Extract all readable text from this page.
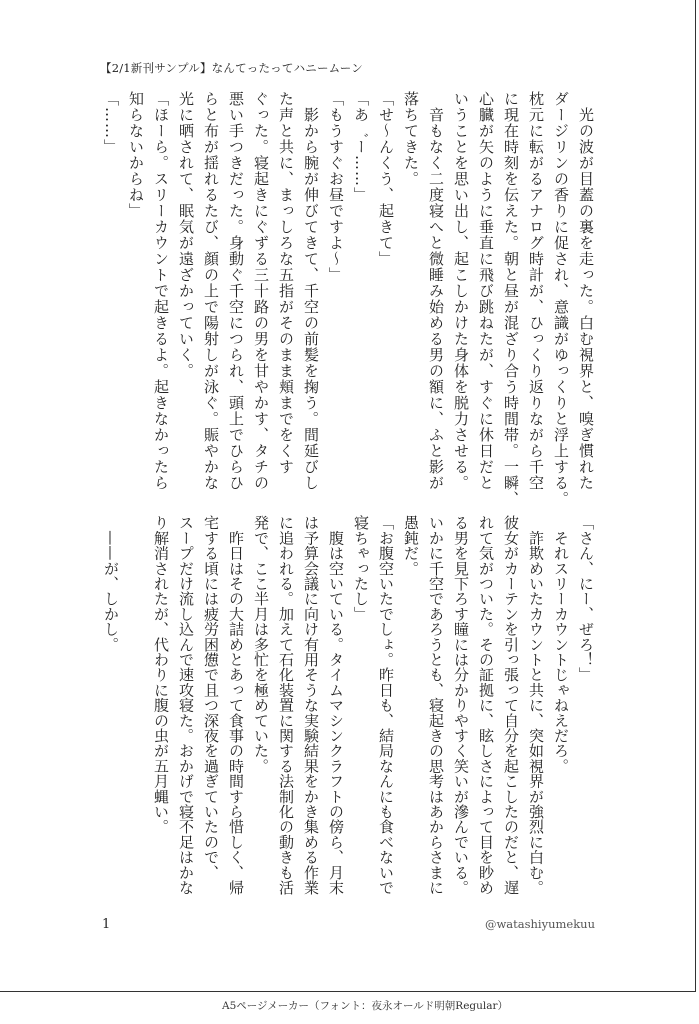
【2/1新刊サンプル】なんてったってハニームーン
　光の波が目蓋の裏を走った。白む視界と、嗅ぎ慣れた
ダージリンの香りに促され、意識がゆっくりと浮上する。
枕元に転がるアナログ時計が、ひっくり返りながら千空
に現在時刻を伝えた。朝と昼が混ざり合う時間帯。一瞬、
心臓が矢のように垂直に飛び跳ねたが、すぐに休日だと
いうことを思い出し、起こしかけた身体を脱力させる。
　音もなく二度寝へと微睡み始める男の額に、ふと影が
落ちてきた。
「せ〜んくう、起きて」
「あ゛ー……」
「もうすぐお昼ですよ〜」
　影から腕が伸びてきて、千空の前髪を掬う。間延びし
た声と共に、まっしろな五指がそのまま頬までをくす
ぐった。寝起きにぐずる三十路の男を甘やかす、タチの
悪い手つきだった。身動ぐ千空につられ、頭上でひらひ
らと布が揺れるたび、顔の上で陽射しが泳ぐ。賑やかな
光に晒されて、眠気が遠ざかっていく。
「ほーら。スリーカウントで起きるよ。起きなかったら
知らないからね」
「……」
「さん、にー、ぜろ！」
　それスリーカウントじゃねえだろ。
　詐欺めいたカウントと共に、突如視界が強烈に白む。
彼女がカーテンを引っ張って自分を起こしたのだと、遅
れて気がついた。その証拠に、眩しさによって目を眇め
る男を見下ろす瞳には分かりやすく笑いが滲んでいる。
いかに千空であろうとも、寝起きの思考はあからさまに
愚鈍だ。
「お腹空いたでしょ。昨日も、結局なんにも食べないで
寝ちゃったし」
　腹は空いている。タイムマシンクラフトの傍ら、月末
は予算会議に向け有用そうな実験結果をかき集める作業
に追われる。加えて石化装置に関する法制化の動きも活
発で、ここ半月は多忙を極めていた。
　昨日はその大詰めとあって食事の時間すら惜しく、帰
宅する頃には疲労困憊で且つ深夜を過ぎていたので、
スープだけ流し込んで速攻寝た。おかげで寝不足はかな
り解消されたが、代わりに腹の虫が五月蝿い。
　——が、しかし。
1	@watashiyumekuu
A5ページメーカー（フォント：夜永オールド明朝Regular）
